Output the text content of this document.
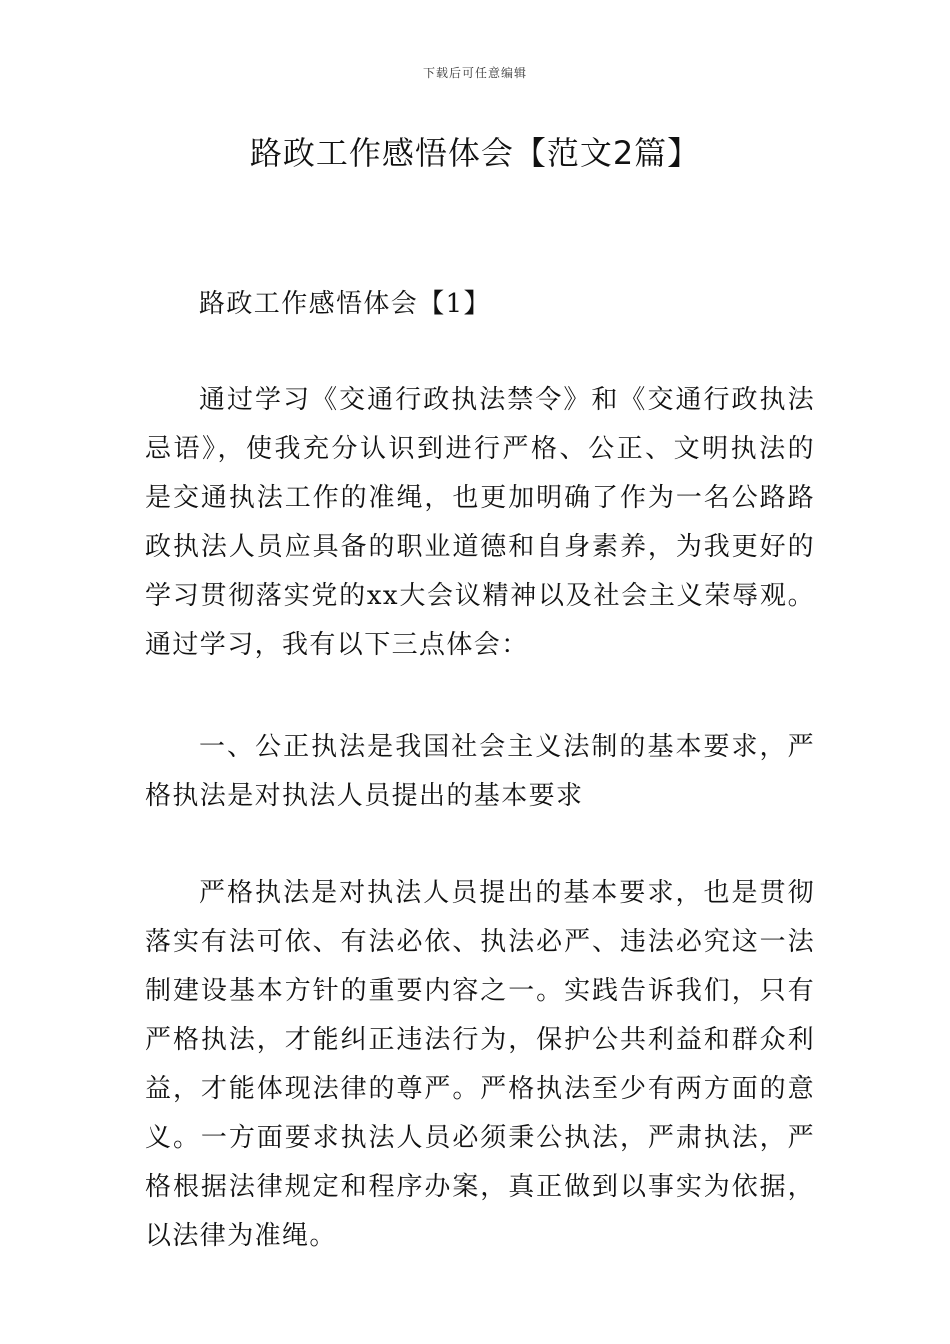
下载后可任意编辑
路政工作感悟体会【范文2篇】

路政工作感悟体会【1】

通过学习《交通行政执法禁令》和《交通行政执法忌语》，使我充分认识到进行严格、公正、文明执法的是交通执法工作的准绳，也更加明确了作为一名公路路政执法人员应具备的职业道德和自身素养，为我更好的学习贯彻落实党的xx大会议精神以及社会主义荣辱观。通过学习，我有以下三点体会：

一、公正执法是我国社会主义法制的基本要求，严格执法是对执法人员提出的基本要求

严格执法是对执法人员提出的基本要求，也是贯彻落实有法可依、有法必依、执法必严、违法必究这一法制建设基本方针的重要内容之一。实践告诉我们，只有严格执法，才能纠正违法行为，保护公共利益和群众利益，才能体现法律的尊严。严格执法至少有两方面的意义。一方面要求执法人员必须秉公执法，严肃执法，严格根据法律规定和程序办案，真正做到以事实为依据，以法律为准绳。
